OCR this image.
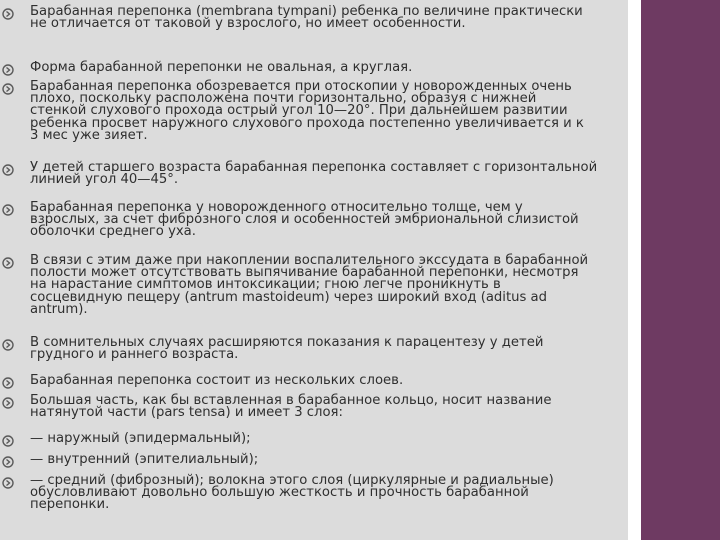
Барабанная перепонка (membrana tympani) ребенка по величине практически
не отличается от таковой у взрослого, но имеет особенности.
Форма барабанной перепонки не овальная, а круглая.
Барабанная перепонка обозревается при отоскопии у новорожденных очень
плохо, поскольку расположена почти горизонтально, образуя с нижней
стенкой слухового прохода острый угол 10—20°. При дальнейшем развитии
ребенка просвет наружного слухового прохода постепенно увеличивается и к
3 мес уже зияет.
У детей старшего возраста барабанная перепонка составляет с горизонтальной
линией угол 40—45°.
Барабанная перепонка у новорожденного относительно толще, чем у
взрослых, за счет фиброзного слоя и особенностей эмбриональной слизистой
оболочки среднего уха.
В связи с этим даже при накоплении воспалительного экссудата в барабанной
полости может отсутствовать выпячивание барабанной перепонки, несмотря
на нарастание симптомов интоксикации; гною легче проникнуть в
сосцевидную пещеру (antrum mastoideum) через широкий вход (aditus ad
antrum).
В сомнительных случаях расширяются показания к парацентезу у детей
грудного и раннего возраста.
Барабанная перепонка состоит из нескольких слоев.
Большая часть, как бы вставленная в барабанное кольцо, носит название
натянутой части (pars tensa) и имеет 3 слоя:
— наружный (эпидермальный);
— внутренний (эпителиальный);
— средний (фиброзный); волокна этого слоя (циркулярные и радиальные)
обусловливают довольно большую жесткость и прочность барабанной
перепонки.
